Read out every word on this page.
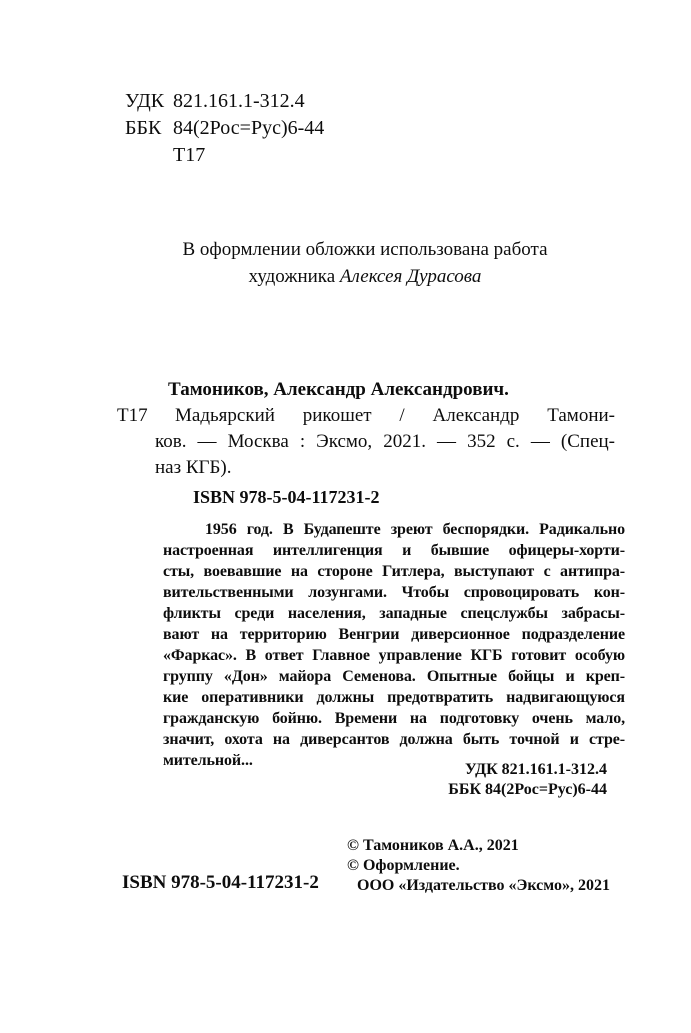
УДК 821.161.1-312.4
ББК 84(2Рос=Рус)6-44
Т17
В оформлении обложки использована работа
художника Алексея Дурасова
Тамоников, Александр Александрович.
Т17	Мадьярский рикошет / Александр Тамони-
ков. — Москва : Эксмо, 2021. — 352 с. — (Спец-
наз КГБ).
ISBN 978-5-04-117231-2
1956 год. В Будапеште зреют беспорядки. Радикально
настроенная интеллигенция и бывшие офицеры-хорти-
сты, воевавшие на стороне Гитлера, выступают с антипра-
вительственными лозунгами. Чтобы спровоцировать кон-
фликты среди населения, западные спецслужбы забрасы-
вают на территорию Венгрии диверсионное подразделение
«Фаркас». В ответ Главное управление КГБ готовит особую
группу «Дон» майора Семенова. Опытные бойцы и креп-
кие оперативники должны предотвратить надвигающуюся
гражданскую бойню. Времени на подготовку очень мало,
значит, охота на диверсантов должна быть точной и стре-
мительной...
УДК 821.161.1-312.4
ББК 84(2Рос=Рус)6-44
© Тамоников А.А., 2021
© Оформление.
ООО «Издательство «Эксмо», 2021
ISBN 978-5-04-117231-2
